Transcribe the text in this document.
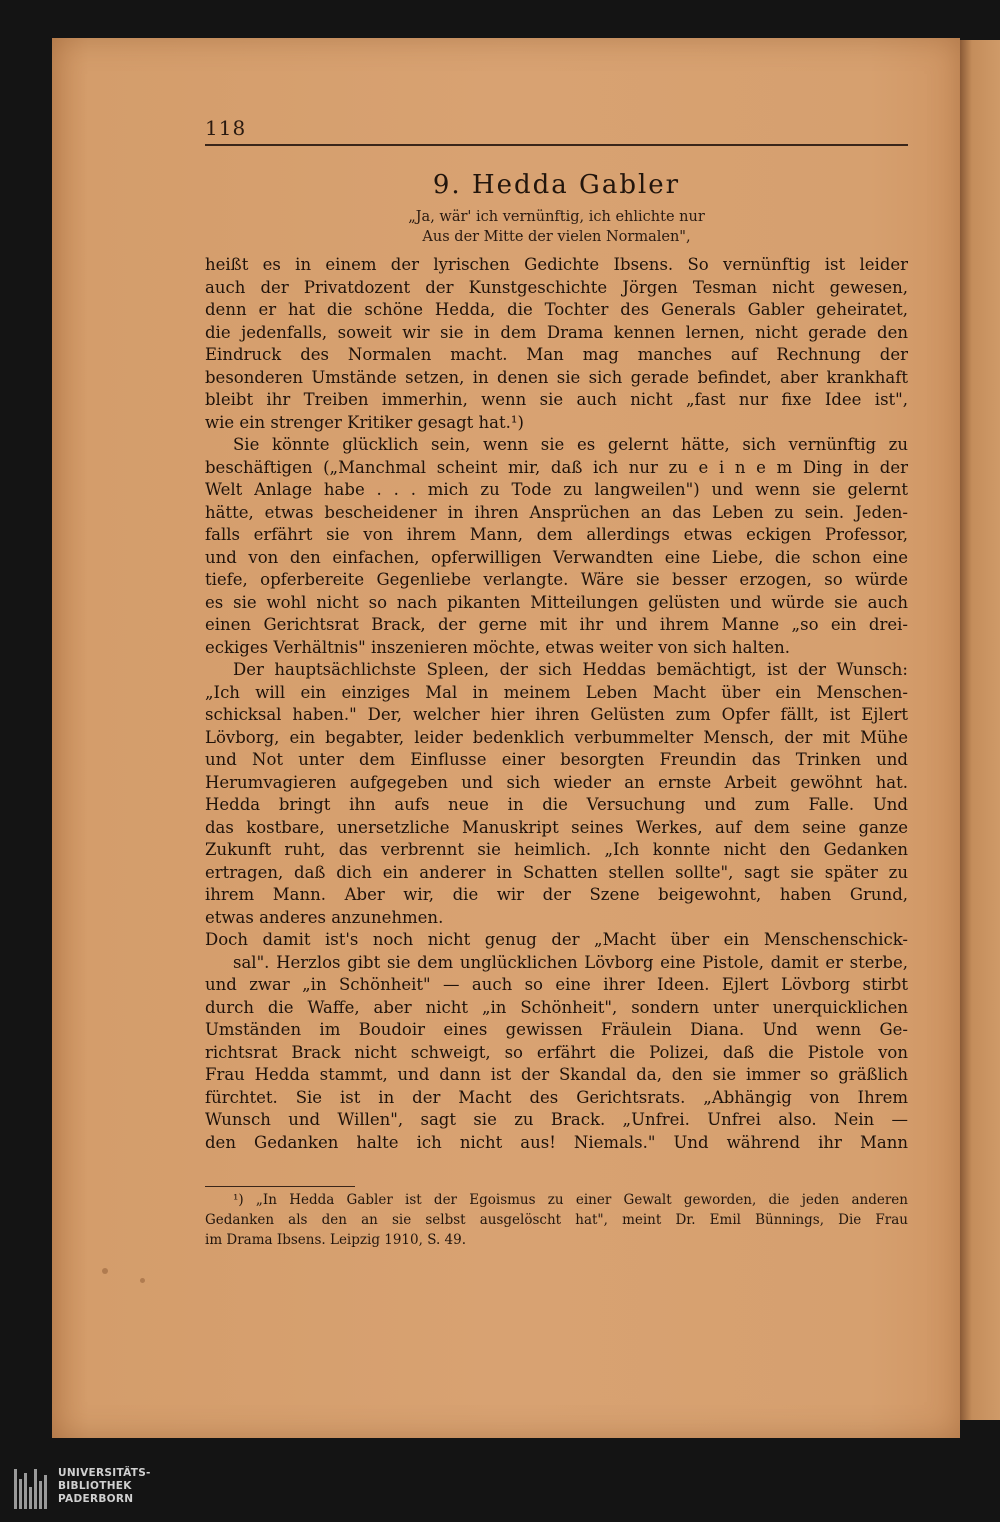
118
9. Hedda Gabler
„Ja, wär' ich vernünftig, ich ehlichte nur
Aus der Mitte der vielen Normalen",
heißt es in einem der lyrischen Gedichte Ibsens. So vernünftig ist leider
auch der Privatdozent der Kunstgeschichte Jörgen Tesman nicht gewesen,
denn er hat die schöne Hedda, die Tochter des Generals Gabler geheiratet,
die jedenfalls, soweit wir sie in dem Drama kennen lernen, nicht gerade den
Eindruck des Normalen macht. Man mag manches auf Rechnung der
besonderen Umstände setzen, in denen sie sich gerade befindet, aber krankhaft
bleibt ihr Treiben immerhin, wenn sie auch nicht „fast nur fixe Idee ist",
wie ein strenger Kritiker gesagt hat.¹)
Sie könnte glücklich sein, wenn sie es gelernt hätte, sich vernünftig zu
beschäftigen („Manchmal scheint mir, daß ich nur zu e i n e m Ding in der
Welt Anlage habe . . . mich zu Tode zu langweilen") und wenn sie gelernt
hätte, etwas bescheidener in ihren Ansprüchen an das Leben zu sein. Jeden-
falls erfährt sie von ihrem Mann, dem allerdings etwas eckigen Professor,
und von den einfachen, opferwilligen Verwandten eine Liebe, die schon eine
tiefe, opferbereite Gegenliebe verlangte. Wäre sie besser erzogen, so würde
es sie wohl nicht so nach pikanten Mitteilungen gelüsten und würde sie auch
einen Gerichtsrat Brack, der gerne mit ihr und ihrem Manne „so ein drei-
eckiges Verhältnis" inszenieren möchte, etwas weiter von sich halten.
Der hauptsächlichste Spleen, der sich Heddas bemächtigt, ist der Wunsch:
„Ich will ein einziges Mal in meinem Leben Macht über ein Menschen-
schicksal haben." Der, welcher hier ihren Gelüsten zum Opfer fällt, ist Ejlert
Lövborg, ein begabter, leider bedenklich verbummelter Mensch, der mit Mühe
und Not unter dem Einflusse einer besorgten Freundin das Trinken und
Herumvagieren aufgegeben und sich wieder an ernste Arbeit gewöhnt hat.
Hedda bringt ihn aufs neue in die Versuchung und zum Falle. Und
das kostbare, unersetzliche Manuskript seines Werkes, auf dem seine ganze
Zukunft ruht, das verbrennt sie heimlich. „Ich konnte nicht den Gedanken
ertragen, daß dich ein anderer in Schatten stellen sollte", sagt sie später zu
ihrem Mann. Aber wir, die wir der Szene beigewohnt, haben Grund,
etwas anderes anzunehmen.
Doch damit ist's noch nicht genug der „Macht über ein Menschenschick-
sal". Herzlos gibt sie dem unglücklichen Lövborg eine Pistole, damit er sterbe,
und zwar „in Schönheit" — auch so eine ihrer Ideen. Ejlert Lövborg stirbt
durch die Waffe, aber nicht „in Schönheit", sondern unter unerquicklichen
Umständen im Boudoir eines gewissen Fräulein Diana. Und wenn Ge-
richtsrat Brack nicht schweigt, so erfährt die Polizei, daß die Pistole von
Frau Hedda stammt, und dann ist der Skandal da, den sie immer so gräßlich
fürchtet. Sie ist in der Macht des Gerichtsrats. „Abhängig von Ihrem
Wunsch und Willen", sagt sie zu Brack. „Unfrei. Unfrei also. Nein —
den Gedanken halte ich nicht aus! Niemals." Und während ihr Mann
¹) „In Hedda Gabler ist der Egoismus zu einer Gewalt geworden, die jeden anderen
Gedanken als den an sie selbst ausgelöscht hat", meint Dr. Emil Bünnings, Die Frau
im Drama Ibsens. Leipzig 1910, S. 49.
UNIVERSITÄTS-
BIBLIOTHEK
PADERBORN
